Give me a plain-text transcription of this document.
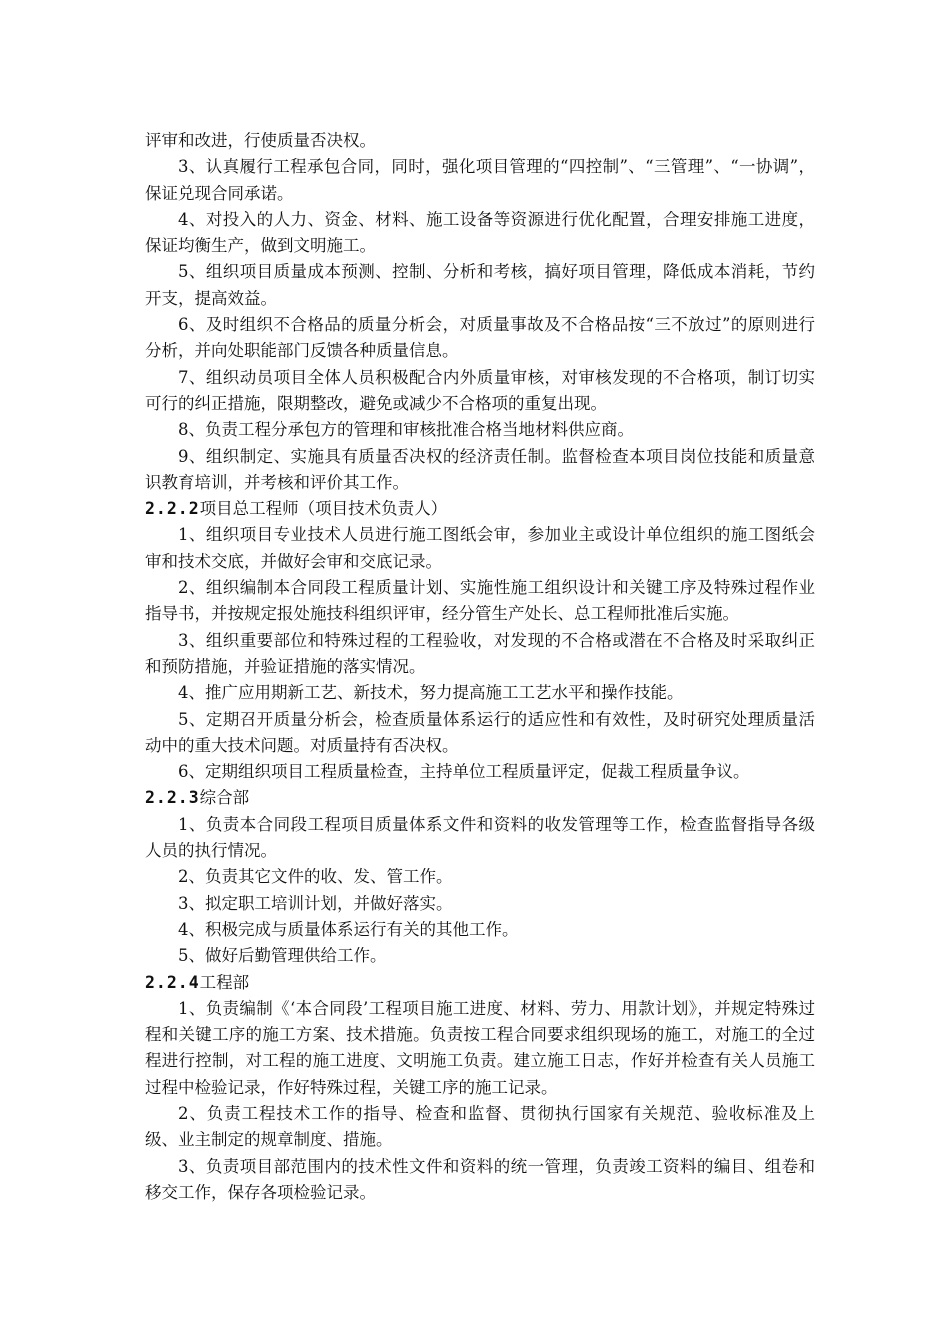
评审和改进，行使质量否决权。

3、认真履行工程承包合同，同时，强化项目管理的“四控制”、“三管理”、“一协调”，保证兑现合同承诺。

4、对投入的人力、资金、材料、施工设备等资源进行优化配置，合理安排施工进度，保证均衡生产，做到文明施工。

5、组织项目质量成本预测、控制、分析和考核，搞好项目管理，降低成本消耗，节约开支，提高效益。

6、及时组织不合格品的质量分析会，对质量事故及不合格品按“三不放过”的原则进行分析，并向处职能部门反馈各种质量信息。

7、组织动员项目全体人员积极配合内外质量审核，对审核发现的不合格项，制订切实可行的纠正措施，限期整改，避免或减少不合格项的重复出现。

8、负责工程分承包方的管理和审核批准合格当地材料供应商。

9、组织制定、实施具有质量否决权的经济责任制。监督检查本项目岗位技能和质量意识教育培训，并考核和评价其工作。

2.2.2项目总工程师（项目技术负责人）

1、组织项目专业技术人员进行施工图纸会审，参加业主或设计单位组织的施工图纸会审和技术交底，并做好会审和交底记录。

2、组织编制本合同段工程质量计划、实施性施工组织设计和关键工序及特殊过程作业指导书，并按规定报处施技科组织评审，经分管生产处长、总工程师批准后实施。

3、组织重要部位和特殊过程的工程验收，对发现的不合格或潜在不合格及时采取纠正和预防措施，并验证措施的落实情况。

4、推广应用期新工艺、新技术，努力提高施工工艺水平和操作技能。

5、定期召开质量分析会，检查质量体系运行的适应性和有效性，及时研究处理质量活动中的重大技术问题。对质量持有否决权。

6、定期组织项目工程质量检查，主持单位工程质量评定，促裁工程质量争议。

2.2.3综合部

1、负责本合同段工程项目质量体系文件和资料的收发管理等工作，检查监督指导各级人员的执行情况。

2、负责其它文件的收、发、管工作。

3、拟定职工培训计划，并做好落实。

4、积极完成与质量体系运行有关的其他工作。

5、做好后勤管理供给工作。

2.2.4工程部

1、负责编制《‘本合同段’工程项目施工进度、材料、劳力、用款计划》，并规定特殊过程和关键工序的施工方案、技术措施。负责按工程合同要求组织现场的施工，对施工的全过程进行控制，对工程的施工进度、文明施工负责。建立施工日志，作好并检查有关人员施工过程中检验记录，作好特殊过程，关键工序的施工记录。

2、负责工程技术工作的指导、检查和监督、贯彻执行国家有关规范、验收标准及上级、业主制定的规章制度、措施。

3、负责项目部范围内的技术性文件和资料的统一管理，负责竣工资料的编目、组卷和移交工作，保存各项检验记录。
